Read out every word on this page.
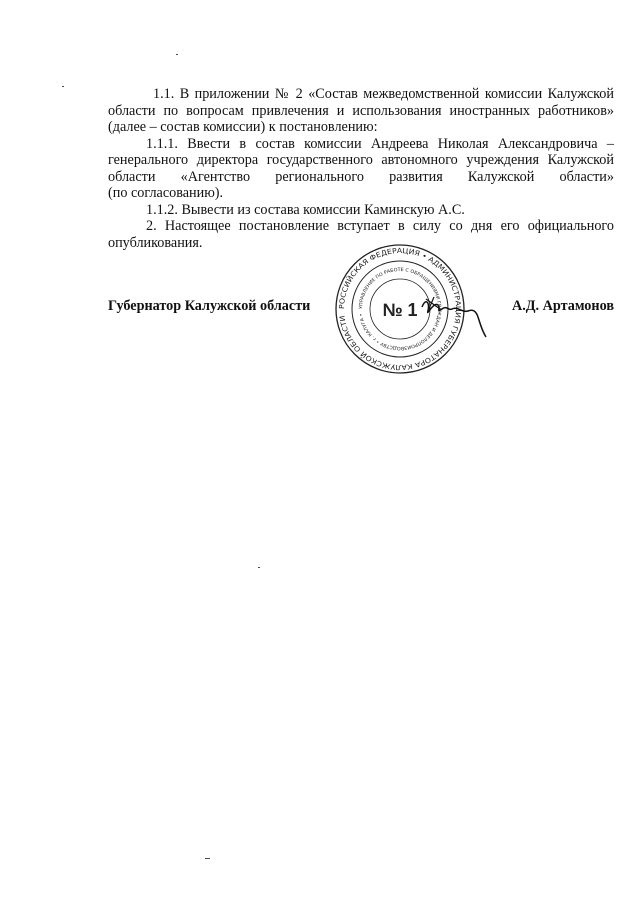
1.1. В приложении № 2 «Состав межведомственной комиссии Калужской
области по вопросам привлечения и использования иностранных работников»
(далее – состав комиссии) к постановлению:

1.1.1. Ввести в состав комиссии Андреева Николая Александровича –
генерального директора государственного автономного учреждения Калужской
области «Агентство регионального развития Калужской области»
(по согласованию).

1.1.2. Вывести из состава комиссии Каминскую А.С.

2. Настоящее постановление вступает в силу со дня его официального
опубликования.

РОССИЙСКАЯ ФЕДЕРАЦИЯ • АДМИНИСТРАЦИЯ ГУБЕРНАТОРА КАЛУЖСКОЙ ОБЛАСТИ
УПРАВЛЕНИЕ ПО РАБОТЕ С ОБРАЩЕНИЯМИ ГРАЖДАН И ДЕЛОПРОИЗВОДСТВУ • г. КАЛУГА • № 1
Губернатор Калужской области	А.Д. Артамонов
